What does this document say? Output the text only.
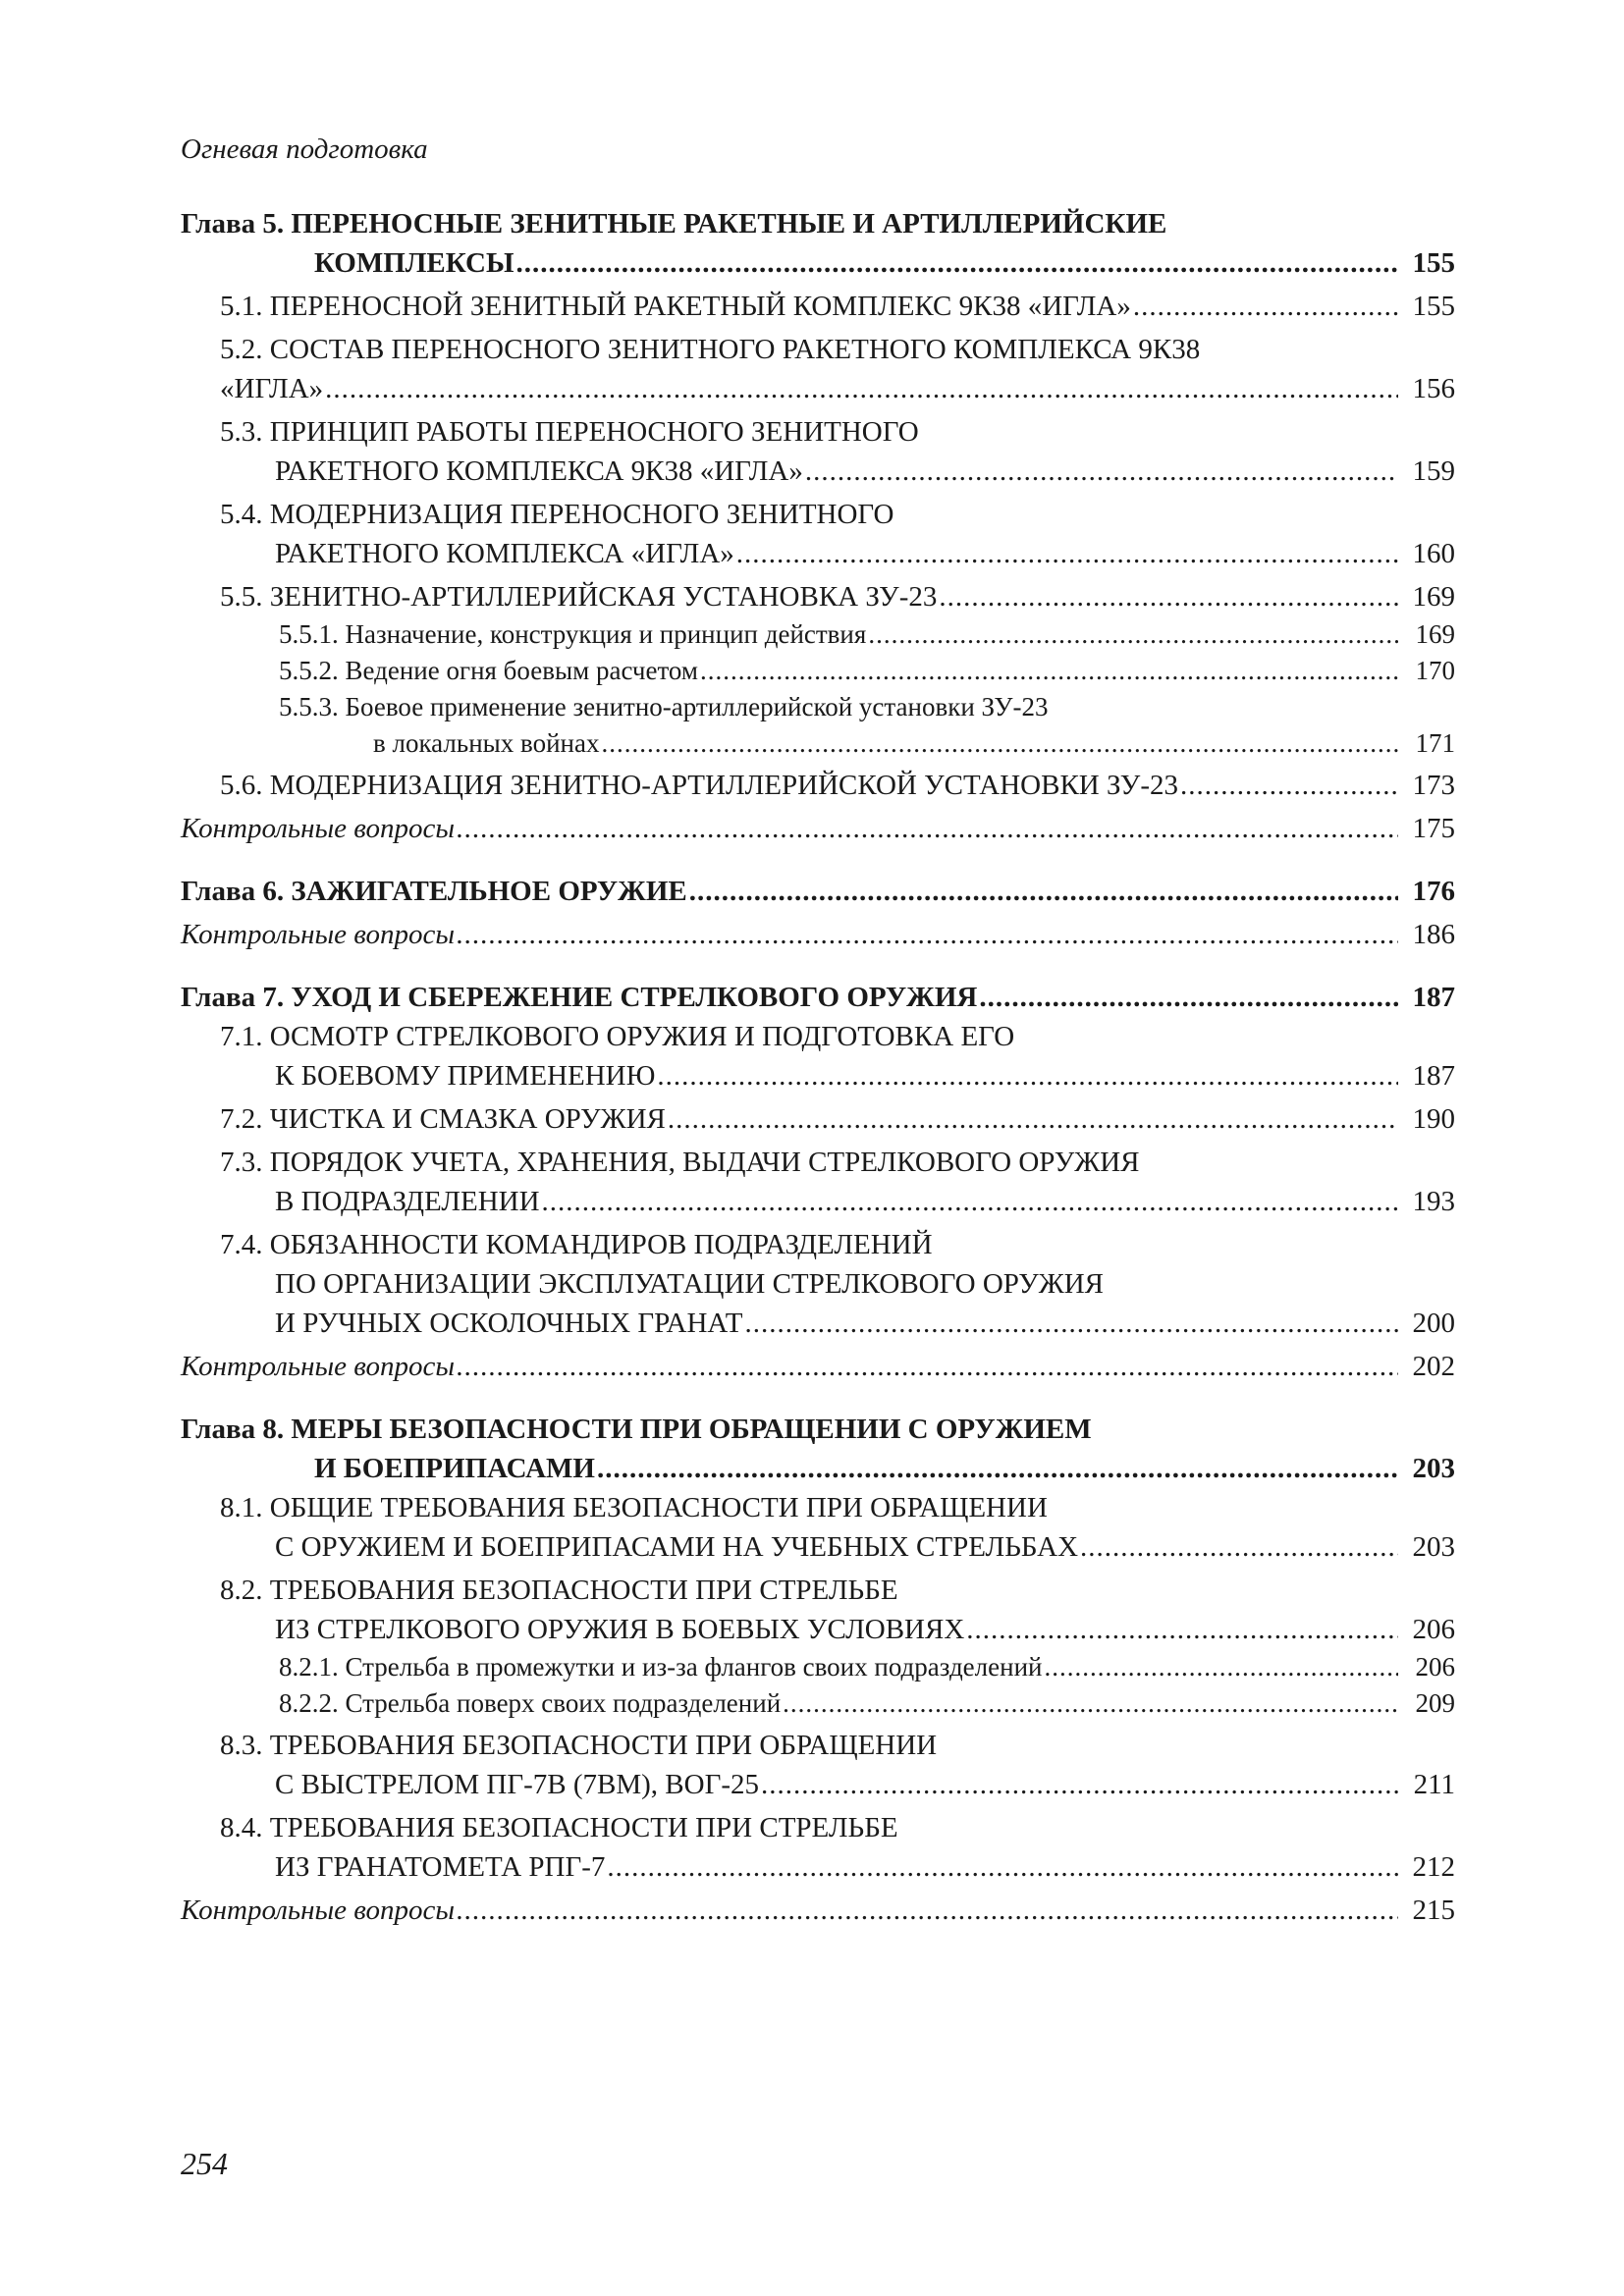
Огневая подготовка
Глава 5. ПЕРЕНОСНЫЕ ЗЕНИТНЫЕ РАКЕТНЫЕ И АРТИЛЛЕРИЙСКИЕ
КОМПЛЕКСЫ .....	155
5.1. ПЕРЕНОСНОЙ ЗЕНИТНЫЙ РАКЕТНЫЙ КОМПЛЕКС 9К38 «ИГЛА» .....	155
5.2. СОСТАВ ПЕРЕНОСНОГО ЗЕНИТНОГО РАКЕТНОГО КОМПЛЕКСА 9К38
«ИГЛА» .....	156
5.3. ПРИНЦИП РАБОТЫ ПЕРЕНОСНОГО ЗЕНИТНОГО
РАКЕТНОГО КОМПЛЕКСА 9К38 «ИГЛА» .....	159
5.4. МОДЕРНИЗАЦИЯ ПЕРЕНОСНОГО ЗЕНИТНОГО
РАКЕТНОГО КОМПЛЕКСА «ИГЛА» .....	160
5.5. ЗЕНИТНО-АРТИЛЛЕРИЙСКАЯ УСТАНОВКА ЗУ-23 .....	169
5.5.1. Назначение, конструкция и принцип действия .....	169
5.5.2. Ведение огня боевым расчетом .....	170
5.5.3. Боевое применение зенитно-артиллерийской установки ЗУ-23
в локальных войнах .....	171
5.6. МОДЕРНИЗАЦИЯ ЗЕНИТНО-АРТИЛЛЕРИЙСКОЙ УСТАНОВКИ ЗУ-23 .....	173
Контрольные вопросы .....	175
Глава 6. ЗАЖИГАТЕЛЬНОЕ ОРУЖИЕ .....	176
Контрольные вопросы .....	186
Глава 7. УХОД И СБЕРЕЖЕНИЕ СТРЕЛКОВОГО ОРУЖИЯ .....	187
7.1. ОСМОТР СТРЕЛКОВОГО ОРУЖИЯ И ПОДГОТОВКА ЕГО
К БОЕВОМУ ПРИМЕНЕНИЮ .....	187
7.2. ЧИСТКА И СМАЗКА ОРУЖИЯ .....	190
7.3. ПОРЯДОК УЧЕТА, ХРАНЕНИЯ, ВЫДАЧИ СТРЕЛКОВОГО ОРУЖИЯ
В ПОДРАЗДЕЛЕНИИ .....	193
7.4. ОБЯЗАННОСТИ КОМАНДИРОВ ПОДРАЗДЕЛЕНИЙ
ПО ОРГАНИЗАЦИИ ЭКСПЛУАТАЦИИ СТРЕЛКОВОГО ОРУЖИЯ
И РУЧНЫХ ОСКОЛОЧНЫХ ГРАНАТ .....	200
Контрольные вопросы .....	202
Глава 8. МЕРЫ БЕЗОПАСНОСТИ ПРИ ОБРАЩЕНИИ С ОРУЖИЕМ
И БОЕПРИПАСАМИ .....	203
8.1. ОБЩИЕ ТРЕБОВАНИЯ БЕЗОПАСНОСТИ ПРИ ОБРАЩЕНИИ
С ОРУЖИЕМ И БОЕПРИПАСАМИ НА УЧЕБНЫХ СТРЕЛЬБАХ .....	203
8.2. ТРЕБОВАНИЯ БЕЗОПАСНОСТИ ПРИ СТРЕЛЬБЕ
ИЗ СТРЕЛКОВОГО ОРУЖИЯ В БОЕВЫХ УСЛОВИЯХ .....	206
8.2.1. Стрельба в промежутки и из-за флангов своих подразделений .....	206
8.2.2. Стрельба поверх своих подразделений .....	209
8.3. ТРЕБОВАНИЯ БЕЗОПАСНОСТИ ПРИ ОБРАЩЕНИИ
С ВЫСТРЕЛОМ ПГ-7В (7ВМ), ВОГ-25 .....	211
8.4. ТРЕБОВАНИЯ БЕЗОПАСНОСТИ ПРИ СТРЕЛЬБЕ
ИЗ ГРАНАТОМЕТА РПГ-7 .....	212
Контрольные вопросы .....	215
254
